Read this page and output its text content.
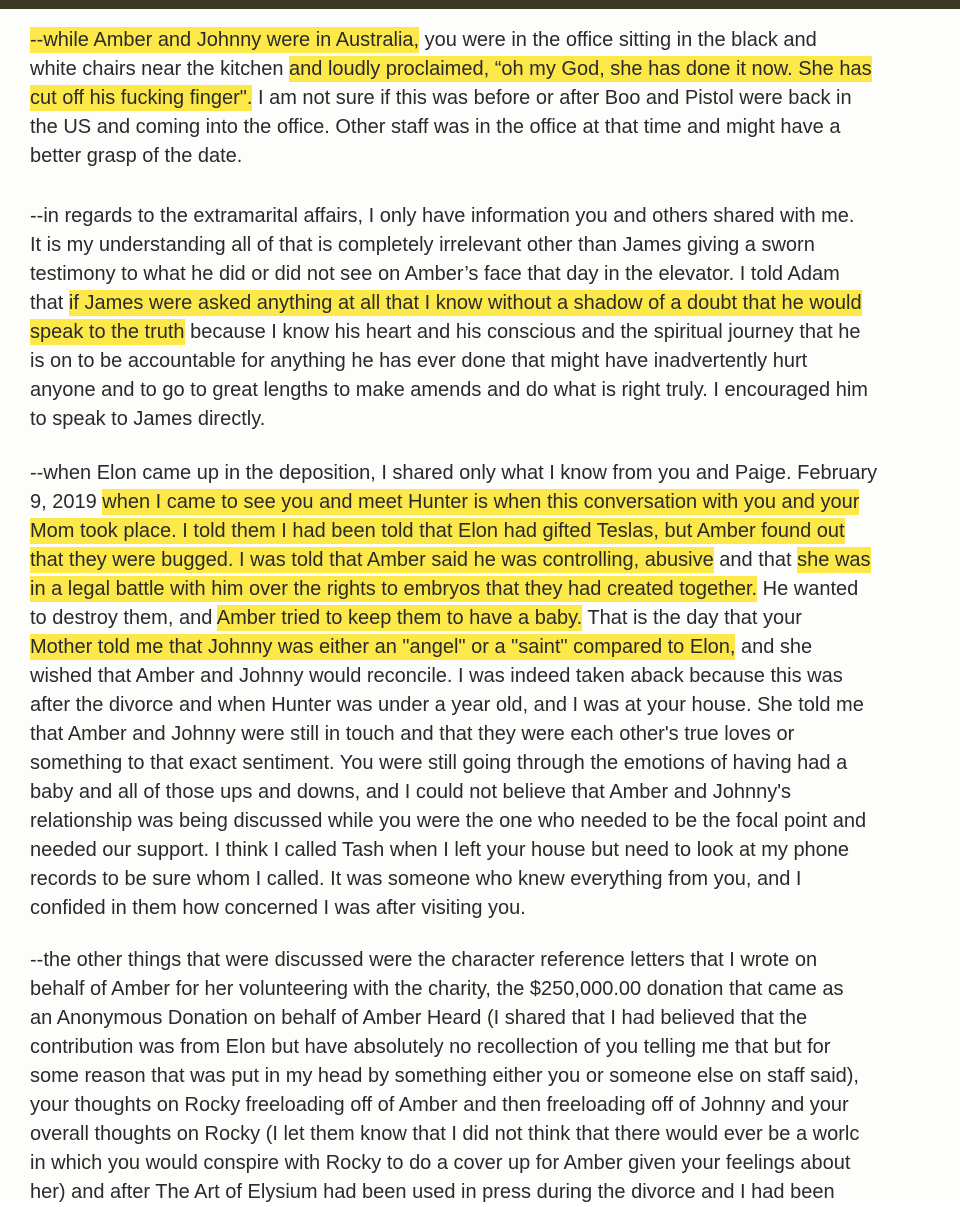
--while Amber and Johnny were in Australia, you were in the office sitting in the black and
white chairs near the kitchen and loudly proclaimed, “oh my God, she has done it now. She has
cut off his fucking finger". I am not sure if this was before or after Boo and Pistol were back in
the US and coming into the office. Other staff was in the office at that time and might have a
better grasp of the date.
--in regards to the extramarital affairs, I only have information you and others shared with me.
It is my understanding all of that is completely irrelevant other than James giving a sworn
testimony to what he did or did not see on Amber’s face that day in the elevator. I told Adam
that if James were asked anything at all that I know without a shadow of a doubt that he would
speak to the truth because I know his heart and his conscious and the spiritual journey that he
is on to be accountable for anything he has ever done that might have inadvertently hurt
anyone and to go to great lengths to make amends and do what is right truly. I encouraged him
to speak to James directly.
--when Elon came up in the deposition, I shared only what I know from you and Paige. February
9, 2019 when I came to see you and meet Hunter is when this conversation with you and your
Mom took place. I told them I had been told that Elon had gifted Teslas, but Amber found out
that they were bugged. I was told that Amber said he was controlling, abusive and that she was
in a legal battle with him over the rights to embryos that they had created together. He wanted
to destroy them, and Amber tried to keep them to have a baby. That is the day that your
Mother told me that Johnny was either an "angel" or a "saint" compared to Elon, and she
wished that Amber and Johnny would reconcile. I was indeed taken aback because this was
after the divorce and when Hunter was under a year old, and I was at your house. She told me
that Amber and Johnny were still in touch and that they were each other's true loves or
something to that exact sentiment. You were still going through the emotions of having had a
baby and all of those ups and downs, and I could not believe that Amber and Johnny's
relationship was being discussed while you were the one who needed to be the focal point and
needed our support. I think I called Tash when I left your house but need to look at my phone
records to be sure whom I called. It was someone who knew everything from you, and I
confided in them how concerned I was after visiting you.
--the other things that were discussed were the character reference letters that I wrote on
behalf of Amber for her volunteering with the charity, the $250,000.00 donation that came as
an Anonymous Donation on behalf of Amber Heard (I shared that I had believed that the
contribution was from Elon but have absolutely no recollection of you telling me that but for
some reason that was put in my head by something either you or someone else on staff said),
your thoughts on Rocky freeloading off of Amber and then freeloading off of Johnny and your
overall thoughts on Rocky (I let them know that I did not think that there would ever be a worlc
in which you would conspire with Rocky to do a cover up for Amber given your feelings about
her) and after The Art of Elysium had been used in press during the divorce and I had been
